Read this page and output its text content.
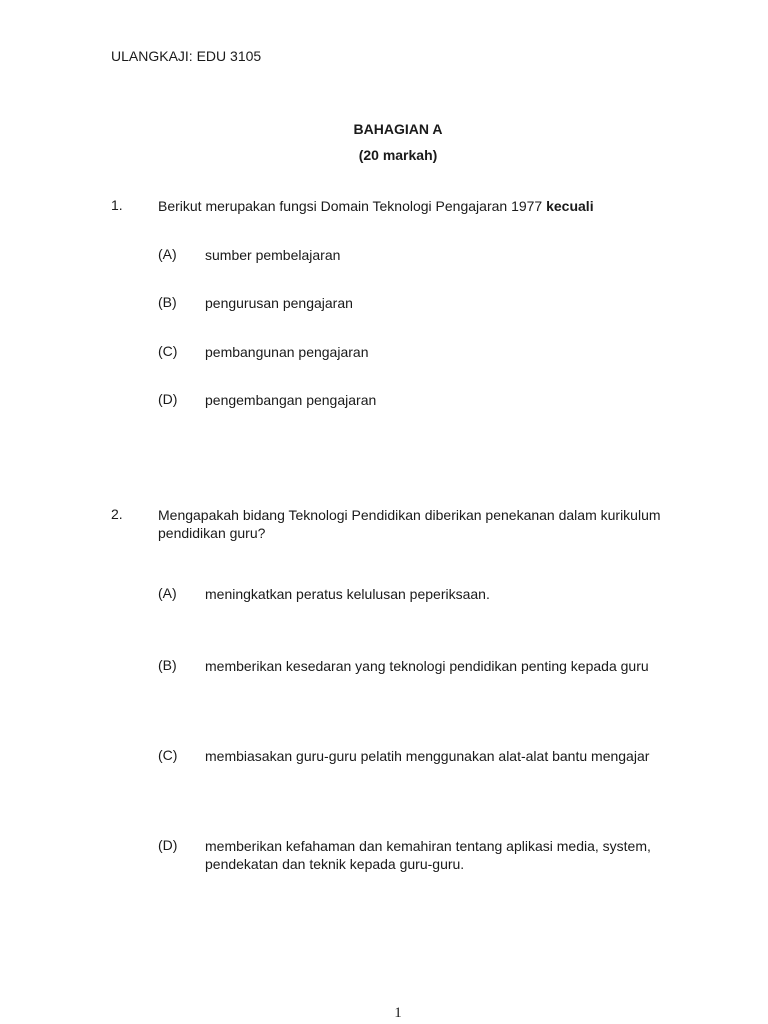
ULANGKAJI: EDU 3105
BAHAGIAN A
(20 markah)
1.	Berikut merupakan fungsi Domain Teknologi Pengajaran 1977 kecuali
(A) sumber pembelajaran
(B) pengurusan pengajaran
(C) pembangunan pengajaran
(D) pengembangan pengajaran
2.	Mengapakah bidang Teknologi Pendidikan diberikan penekanan dalam kurikulum pendidikan guru?
(A) meningkatkan peratus kelulusan peperiksaan.
(B) memberikan kesedaran yang teknologi pendidikan penting kepada guru
(C) membiasakan guru-guru pelatih menggunakan alat-alat bantu mengajar
(D) memberikan kefahaman dan kemahiran tentang aplikasi media, system, pendekatan dan teknik kepada guru-guru.
1
